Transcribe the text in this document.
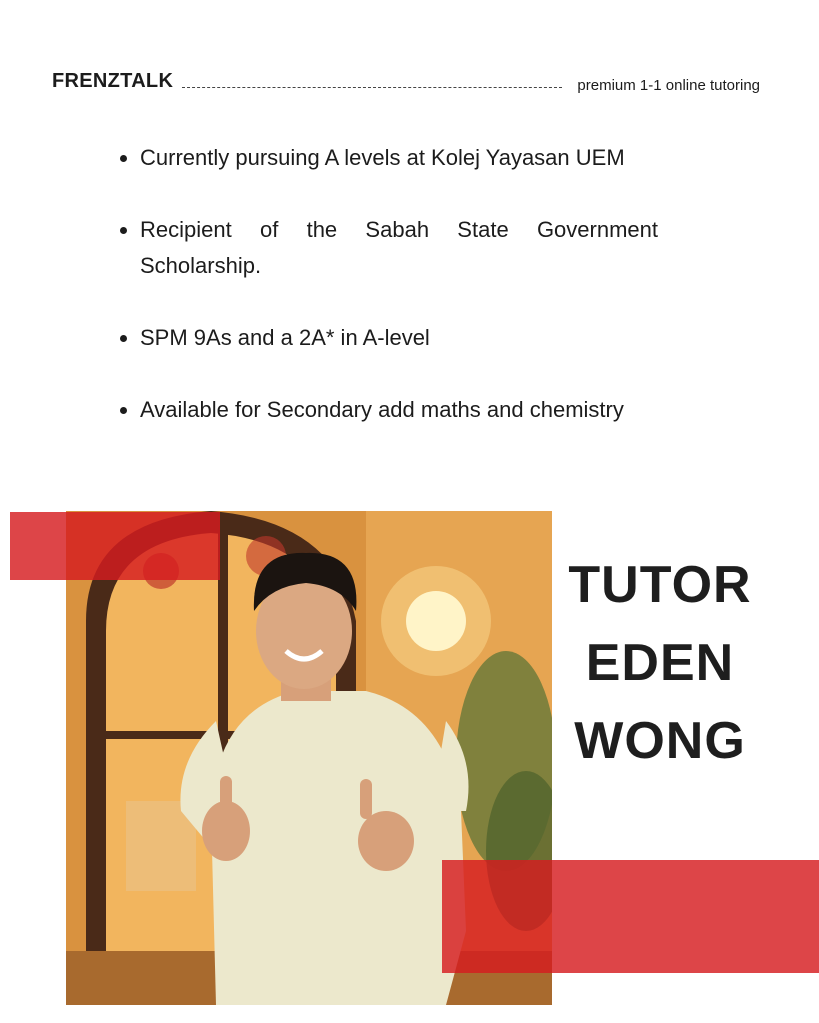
FRENZTALK	premium 1-1 online tutoring
Currently pursuing A levels at Kolej Yayasan UEM
Recipient of the Sabah State Government Scholarship.
SPM 9As and a 2A* in A-level
Available for Secondary add maths and chemistry
TUTOR
EDEN
WONG
